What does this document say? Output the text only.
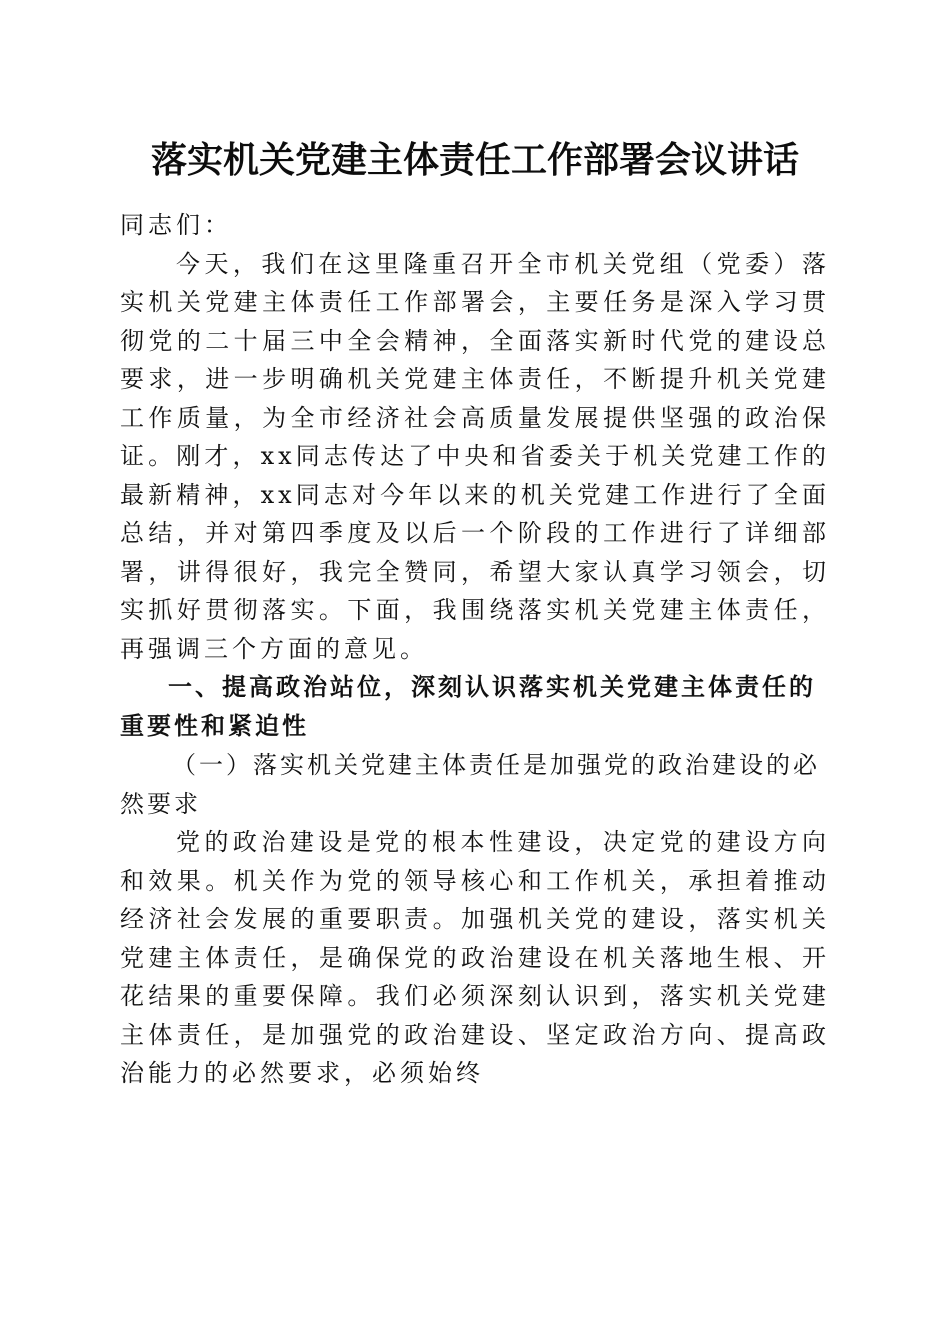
落实机关党建主体责任工作部署会议讲话

同志们：

今天，我们在这里隆重召开全市机关党组（党委）落实机关党建主体责任工作部署会，主要任务是深入学习贯彻党的二十届三中全会精神，全面落实新时代党的建设总要求，进一步明确机关党建主体责任，不断提升机关党建工作质量，为全市经济社会高质量发展提供坚强的政治保证。刚才，xx同志传达了中央和省委关于机关党建工作的最新精神，xx同志对今年以来的机关党建工作进行了全面总结，并对第四季度及以后一个阶段的工作进行了详细部署，讲得很好，我完全赞同，希望大家认真学习领会，切实抓好贯彻落实。下面，我围绕落实机关党建主体责任，再强调三个方面的意见。

一、提高政治站位，深刻认识落实机关党建主体责任的重要性和紧迫性

（一）落实机关党建主体责任是加强党的政治建设的必然要求

党的政治建设是党的根本性建设，决定党的建设方向和效果。机关作为党的领导核心和工作机关，承担着推动经济社会发展的重要职责。加强机关党的建设，落实机关党建主体责任，是确保党的政治建设在机关落地生根、开花结果的重要保障。我们必须深刻认识到，落实机关党建主体责任，是加强党的政治建设、坚定政治方向、提高政治能力的必然要求，必须始终
